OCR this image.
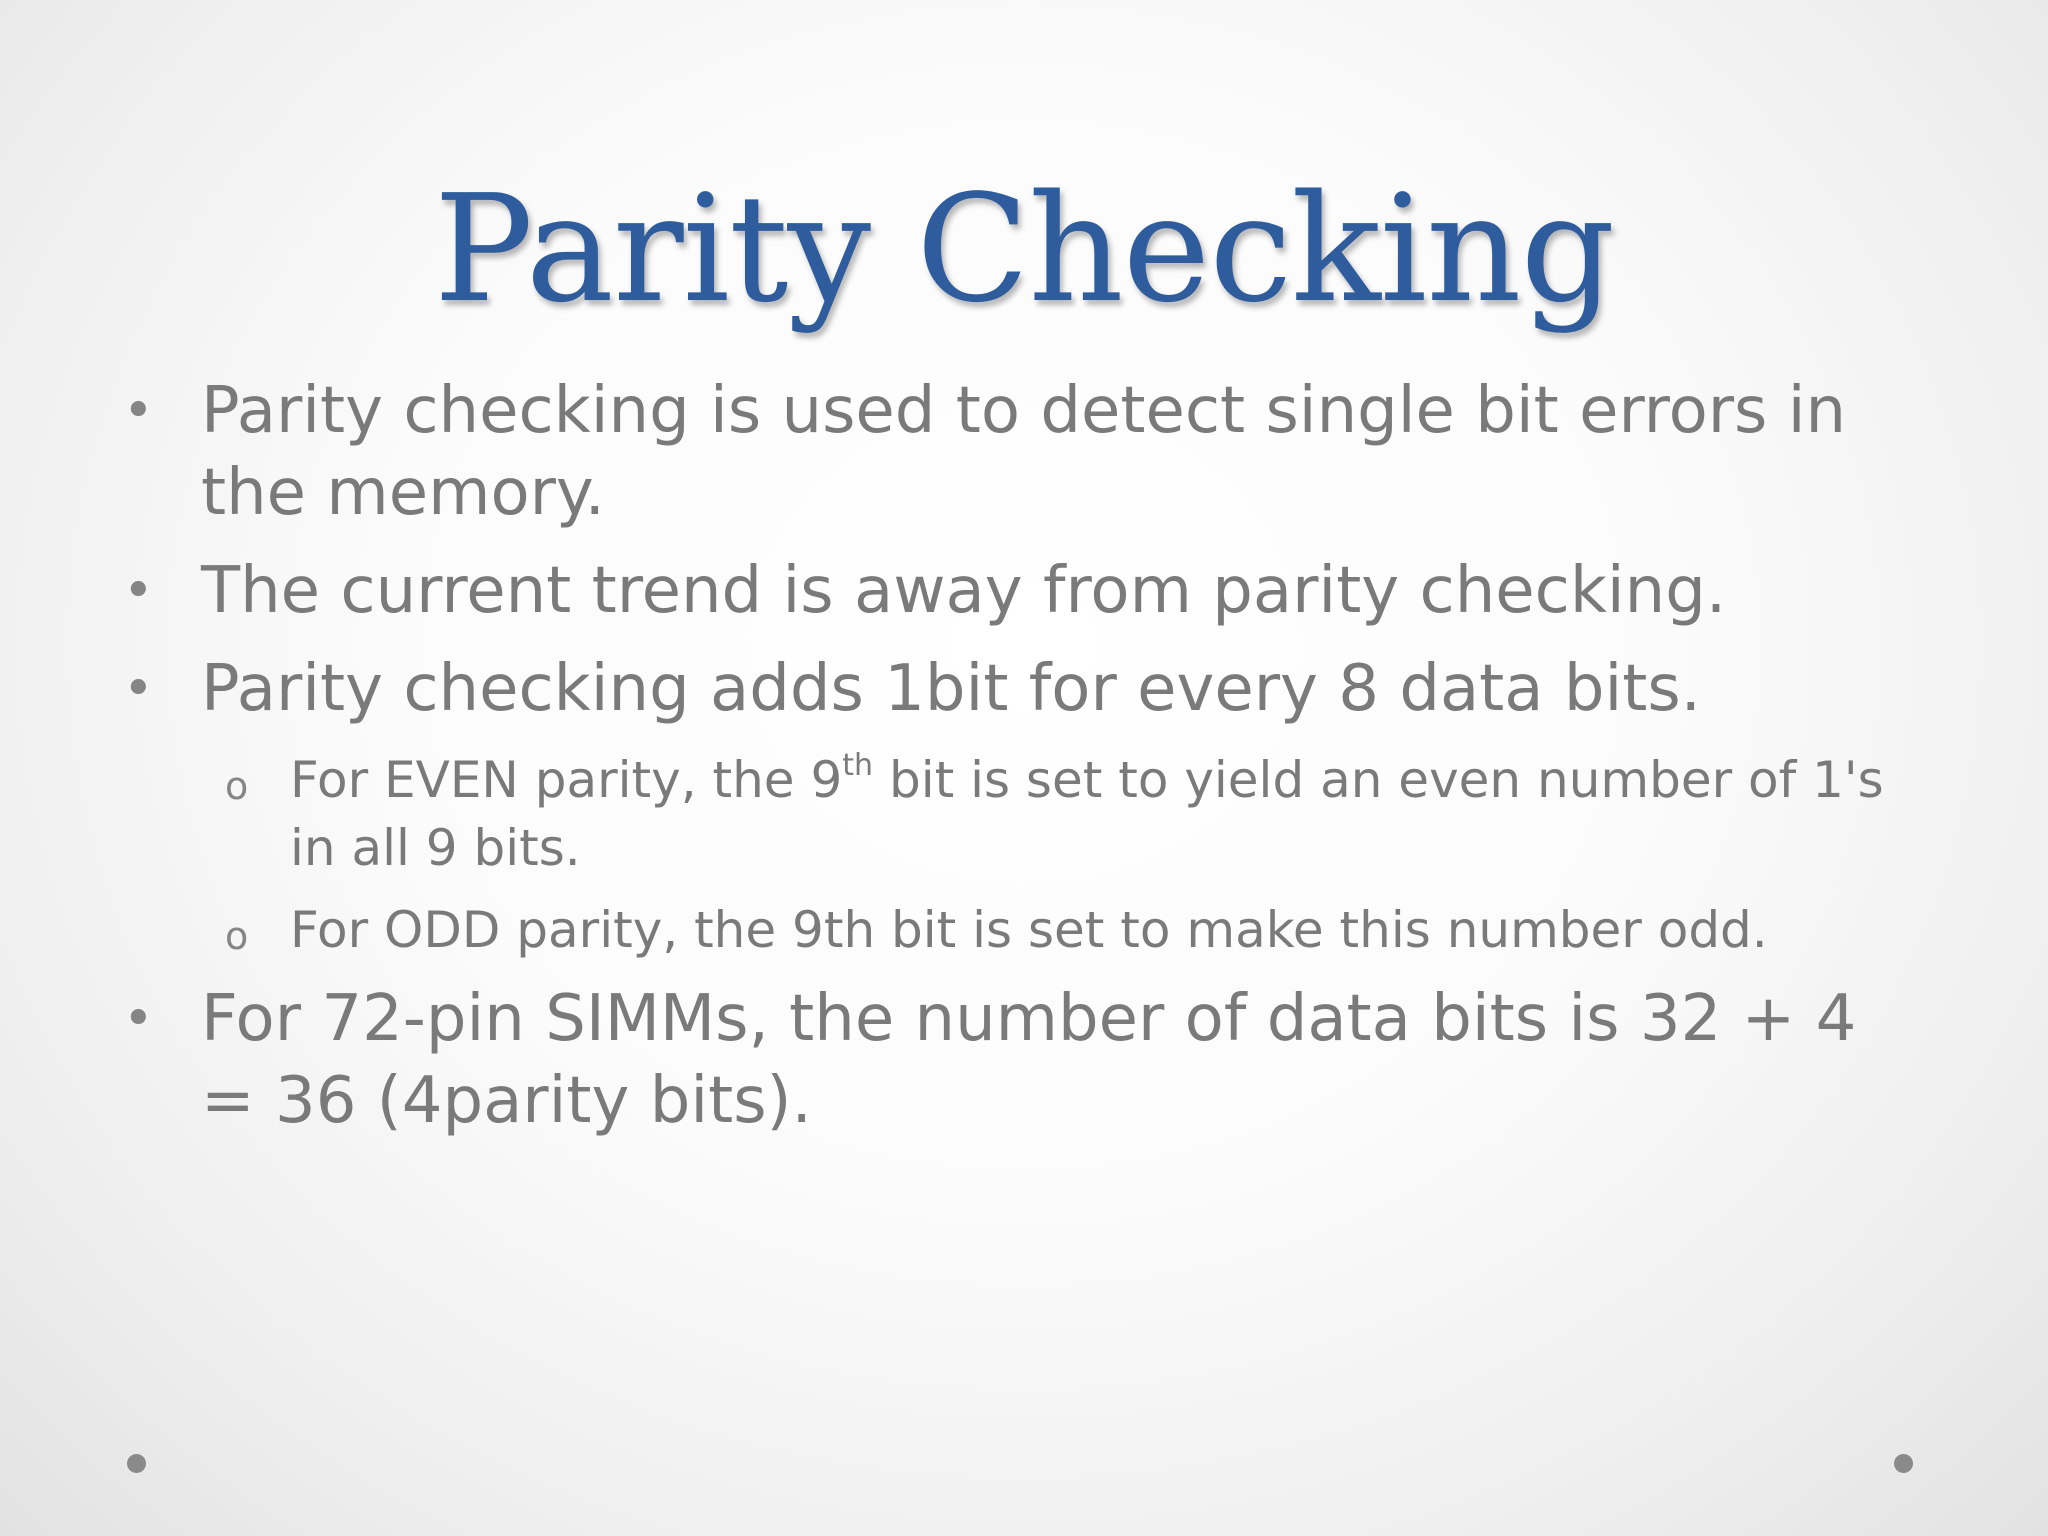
Parity Checking
• Parity checking is used to detect single bit errors in the memory.
• The current trend is away from parity checking.
• Parity checking adds 1bit for every 8 data bits.
o For EVEN parity, the 9th bit is set to yield an even number of 1's in all 9 bits.
o For ODD parity, the 9th bit is set to make this number odd.
• For 72-pin SIMMs, the number of data bits is 32 + 4 = 36 (4parity bits).
